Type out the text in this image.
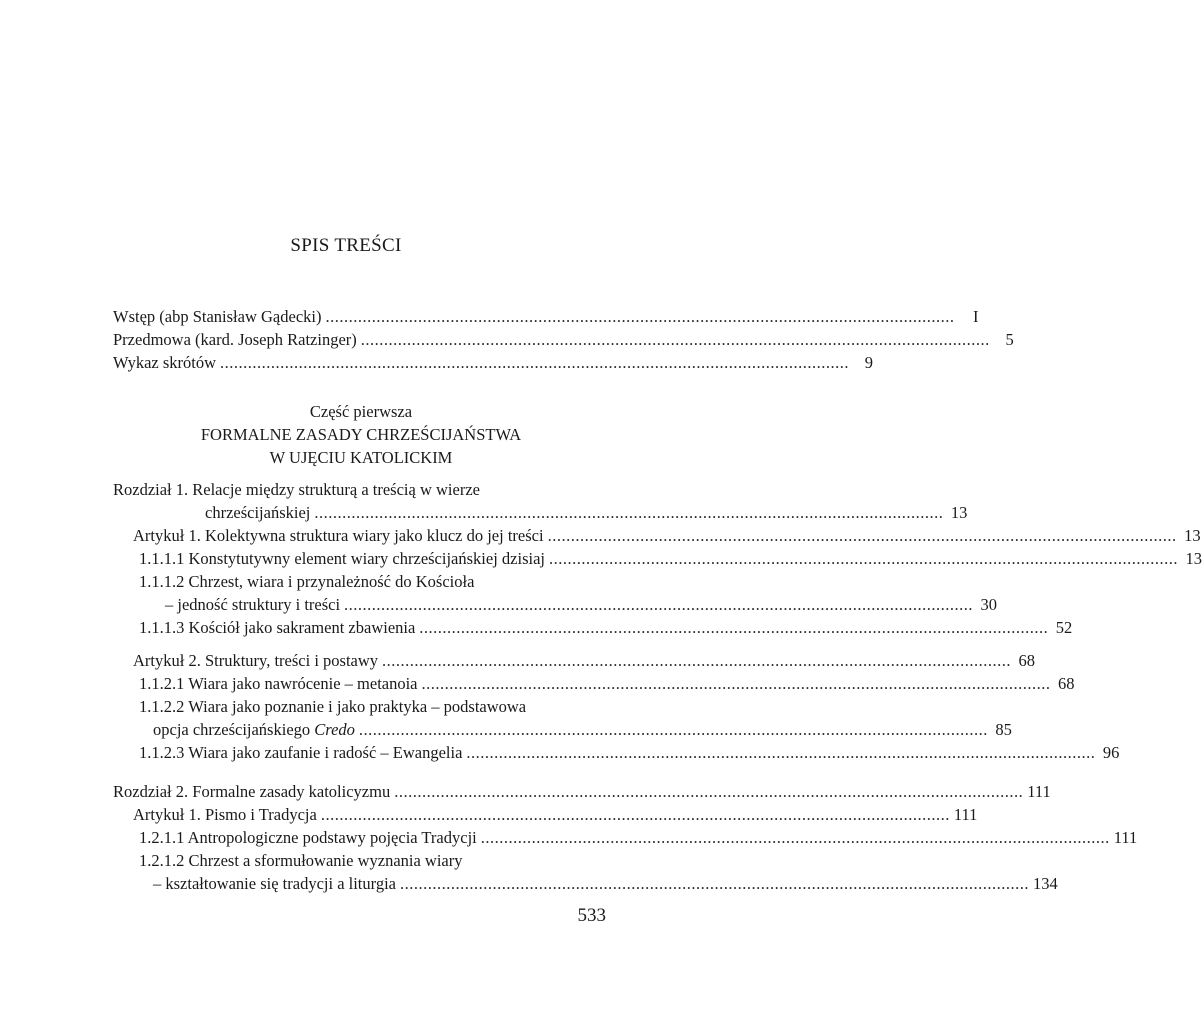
SPIS TREŚCI
Wstęp (abp Stanisław Gądecki) ........................................................................................................................................	I
Przedmowa (kard. Joseph Ratzinger) ........................................................................................................................................ 5
Wykaz skrótów ........................................................................................................................................ 9
Część pierwsza
FORMALNE ZASADY CHRZEŚCIJAŃSTWA
W UJĘCIU KATOLICKIM
Rozdział 1. Relacje między strukturą a treścią w wierze
chrześcijańskiej ........................................................................................................................................ 13
Artykuł 1. Kolektywna struktura wiary jako klucz do jej treści ........................................................................................................................................ 13
1.1.1.1 Konstytutywny element wiary chrześcijańskiej dzisiaj ........................................................................................................................................ 13
1.1.1.2 Chrzest, wiara i przynależność do Kościoła
– jedność struktury i treści ........................................................................................................................................ 30
1.1.1.3 Kościół jako sakrament zbawienia ........................................................................................................................................ 52
Artykuł 2. Struktury, treści i postawy ........................................................................................................................................ 68
1.1.2.1 Wiara jako nawrócenie – metanoia ........................................................................................................................................ 68
1.1.2.2 Wiara jako poznanie i jako praktyka – podstawowa
opcja chrześcijańskiego Credo ........................................................................................................................................ 85
1.1.2.3 Wiara jako zaufanie i radość – Ewangelia ........................................................................................................................................ 96
Rozdział 2. Formalne zasady katolicyzmu ........................................................................................................................................ 111
Artykuł 1. Pismo i Tradycja ........................................................................................................................................ 111
1.2.1.1 Antropologiczne podstawy pojęcia Tradycji ........................................................................................................................................ 111
1.2.1.2 Chrzest a sformułowanie wyznania wiary
– kształtowanie się tradycji a liturgia ........................................................................................................................................ 134
533
